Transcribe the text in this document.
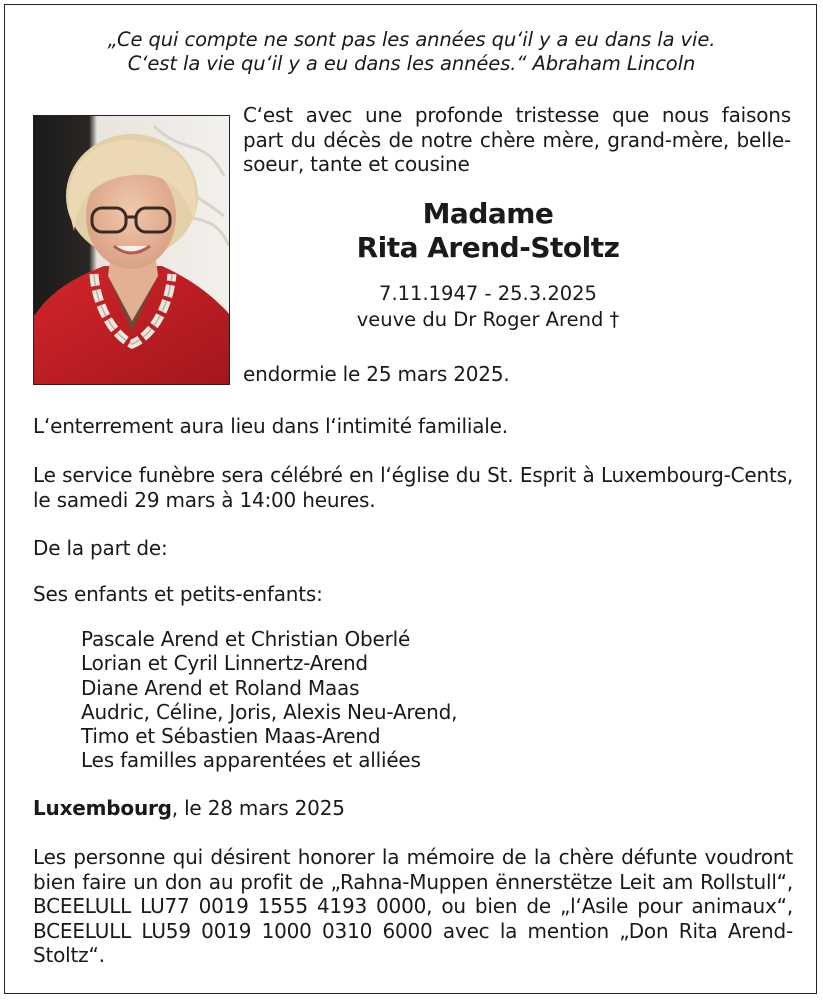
„Ce qui compte ne sont pas les années qu‘il y a eu dans la vie.
C‘est la vie qu‘il y a eu dans les années.“ Abraham Lincoln
C‘est avec une profonde tristesse que nous faisons part du décès de notre chère mère, grand-mère, belle-soeur, tante et cousine
Madame
Rita Arend-Stoltz
7.11.1947 - 25.3.2025
veuve du Dr Roger Arend †
endormie le 25 mars 2025.
L‘enterrement aura lieu dans l‘intimité familiale.
Le service funèbre sera célébré en l‘église du St. Esprit à Luxembourg-Cents, le samedi 29 mars à 14:00 heures.
De la part de:
Ses enfants et petits-enfants:
Pascale Arend et Christian Oberlé
Lorian et Cyril Linnertz-Arend
Diane Arend et Roland Maas
Audric, Céline, Joris, Alexis Neu-Arend,
Timo et Sébastien Maas-Arend
Les familles apparentées et alliées
Luxembourg, le 28 mars 2025
Les personne qui désirent honorer la mémoire de la chère défunte voudront bien faire un don au profit de „Rahna-Muppen ënnerstëtze Leit am Rollstull“, BCEELULL LU77 0019 1555 4193 0000, ou bien de „l‘Asile pour animaux“, BCEELULL LU59 0019 1000 0310 6000 avec la mention „Don Rita Arend-Stoltz“.
